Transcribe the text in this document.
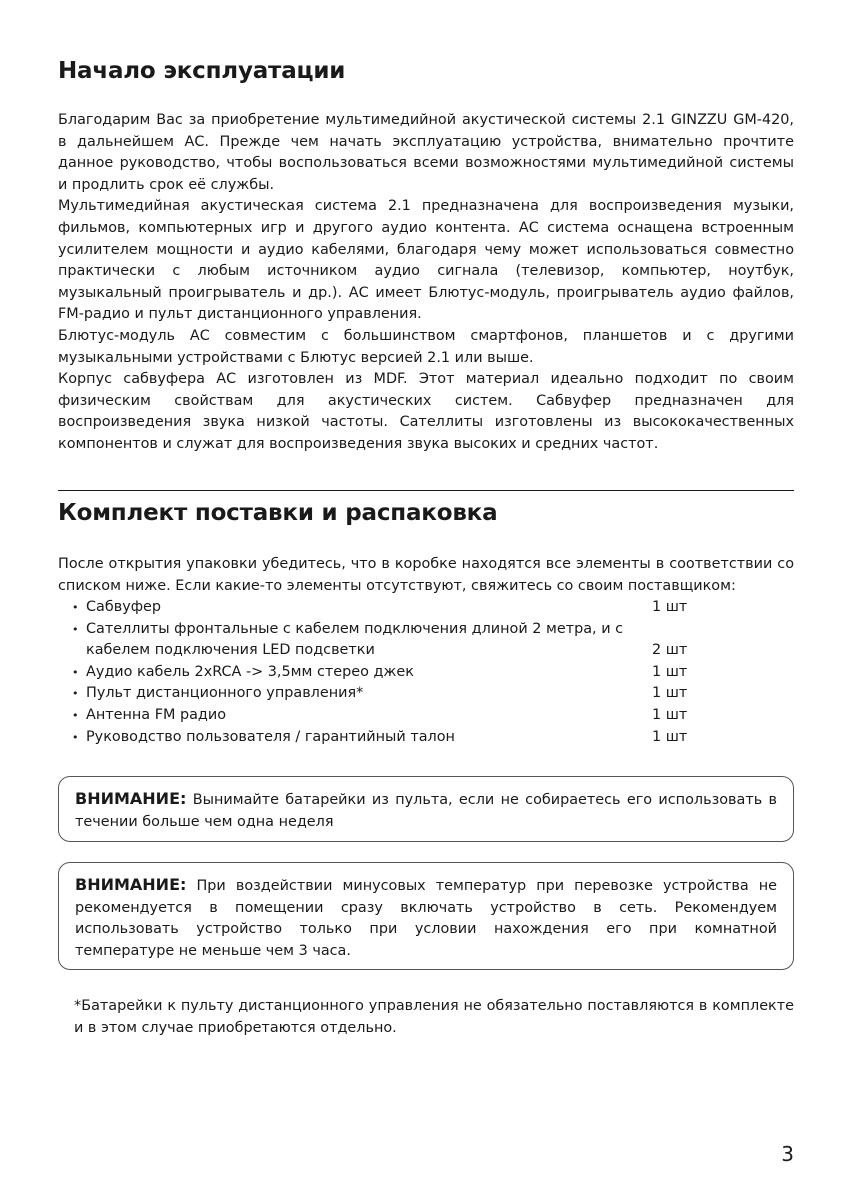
Начало эксплуатации

Благодарим Вас за приобретение мультимедийной акустической системы 2.1 GINZZU GM-420, в дальнейшем АС. Прежде чем начать эксплуатацию устройства, внимательно прочтите данное руководство, чтобы воспользоваться всеми возможностями мультимедийной системы и продлить срок её службы.

Мультимедийная акустическая система 2.1 предназначена для воспроизведения музыки, фильмов, компьютерных игр и другого аудио контента. АС система оснащена встроенным усилителем мощности и аудио кабелями, благодаря чему может использоваться совместно практически с любым источником аудио сигнала (телевизор, компьютер, ноутбук, музыкальный проигрыватель и др.). АС имеет Блютус-модуль, проигрыватель аудио файлов, FM-радио и пульт дистанционного управления.

Блютус-модуль АС совместим с большинством смартфонов, планшетов и с другими музыкальными устройствами с Блютус версией 2.1 или выше.

Корпус сабвуфера АС изготовлен из MDF. Этот материал идеально подходит по своим физическим свойствам для акустических систем. Сабвуфер предназначен для воспроизведения звука низкой частоты. Сателлиты изготовлены из высококачественных компонентов и служат для воспроизведения звука высоких и средних частот.

Комплект поставки и распаковка

После открытия упаковки убедитесь, что в коробке находятся все элементы в соответствии со списком ниже. Если какие-то элементы отсутствуют, свяжитесь со своим поставщиком:

• Сабвуфер	1 шт
• Сателлиты фронтальные с кабелем подключения длиной 2 метра, и с кабелем подключения LED подсветки	2 шт
• Аудио кабель 2xRCA -> 3,5мм стерео джек	1 шт
• Пульт дистанционного управления*	1 шт
• Антенна FM радио	1 шт
• Руководство пользователя / гарантийный талон	1 шт

ВНИМАНИЕ: Вынимайте батарейки из пульта, если не собираетесь его использовать в течении больше чем одна неделя

ВНИМАНИЕ: При воздействии минусовых температур при перевозке устройства не рекомендуется в помещении сразу включать устройство в сеть. Рекомендуем использовать устройство только при условии нахождения его при комнатной температуре не меньше чем 3 часа.

*Батарейки к пульту дистанционного управления не обязательно поставляются в комплекте и в этом случае приобретаются отдельно.

3
